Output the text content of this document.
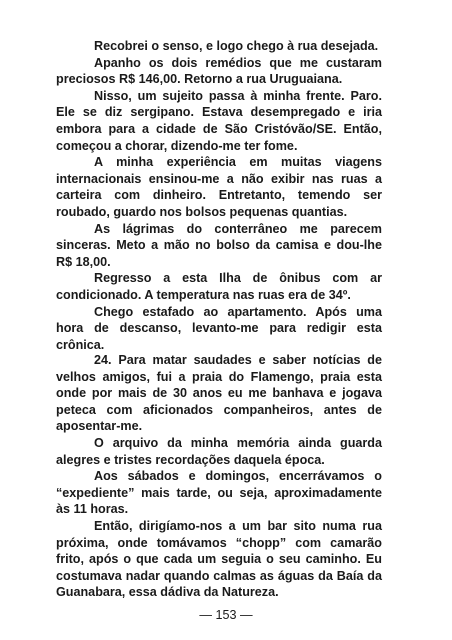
Recobrei o senso, e logo chego à rua desejada.

Apanho os dois remédios que me custaram preciosos R$ 146,00. Retorno a rua Uruguaiana.

Nisso, um sujeito passa à minha frente. Paro. Ele se diz sergipano. Estava desempregado e iria embora para a cidade de São Cristóvão/SE. Então, começou a chorar, dizendo-me ter fome.

A minha experiência em muitas viagens internacionais ensinou-me a não exibir nas ruas a carteira com dinheiro. Entretanto, temendo ser roubado, guardo nos bolsos pequenas quantias.

As lágrimas do conterrâneo me parecem sinceras. Meto a mão no bolso da camisa e dou-lhe R$ 18,00.

Regresso a esta Ilha de ônibus com ar condicionado. A temperatura nas ruas era de 34º.

Chego estafado ao apartamento. Após uma hora de descanso, levanto-me para redigir esta crônica.

24. Para matar saudades e saber notícias de velhos amigos, fui a praia do Flamengo, praia esta onde por mais de 30 anos eu me banhava e jogava peteca com aficionados companheiros, antes de aposentar-me.

O arquivo da minha memória ainda guarda alegres e tristes recordações daquela época.

Aos sábados e domingos, encerrávamos o “expediente” mais tarde, ou seja, aproximadamente às 11 horas.

Então, dirigíamo-nos a um bar sito numa rua próxima, onde tomávamos “chopp” com camarão frito, após o que cada um seguia o seu caminho. Eu costumava nadar quando calmas as águas da Baía da Guanabara, essa dádiva da Natureza.

— 153 —
